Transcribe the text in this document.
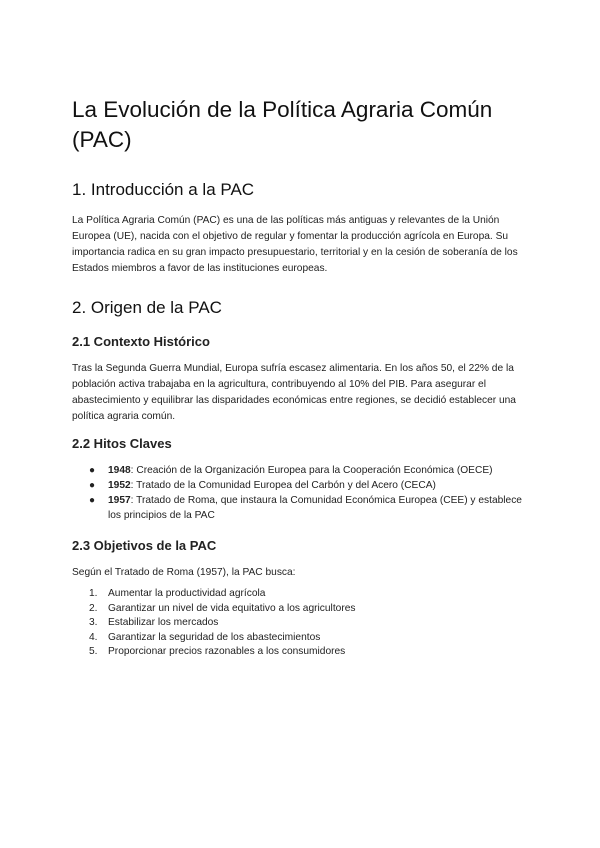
La Evolución de la Política Agraria Común (PAC)
1. Introducción a la PAC

La Política Agraria Común (PAC) es una de las políticas más antiguas y relevantes de la Unión Europea (UE), nacida con el objetivo de regular y fomentar la producción agrícola en Europa. Su importancia radica en su gran impacto presupuestario, territorial y en la cesión de soberanía de los Estados miembros a favor de las instituciones europeas.

2. Origen de la PAC
2.1 Contexto Histórico

Tras la Segunda Guerra Mundial, Europa sufría escasez alimentaria. En los años 50, el 22% de la población activa trabajaba en la agricultura, contribuyendo al 10% del PIB. Para asegurar el abastecimiento y equilibrar las disparidades económicas entre regiones, se decidió establecer una política agraria común.

2.2 Hitos Claves
● 1948: Creación de la Organización Europea para la Cooperación Económica (OECE)
● 1952: Tratado de la Comunidad Europea del Carbón y del Acero (CECA)
● 1957: Tratado de Roma, que instaura la Comunidad Económica Europea (CEE) y establece los principios de la PAC
2.3 Objetivos de la PAC

Según el Tratado de Roma (1957), la PAC busca:

1. Aumentar la productividad agrícola
2. Garantizar un nivel de vida equitativo a los agricultores
3. Estabilizar los mercados
4. Garantizar la seguridad de los abastecimientos
5. Proporcionar precios razonables a los consumidores
